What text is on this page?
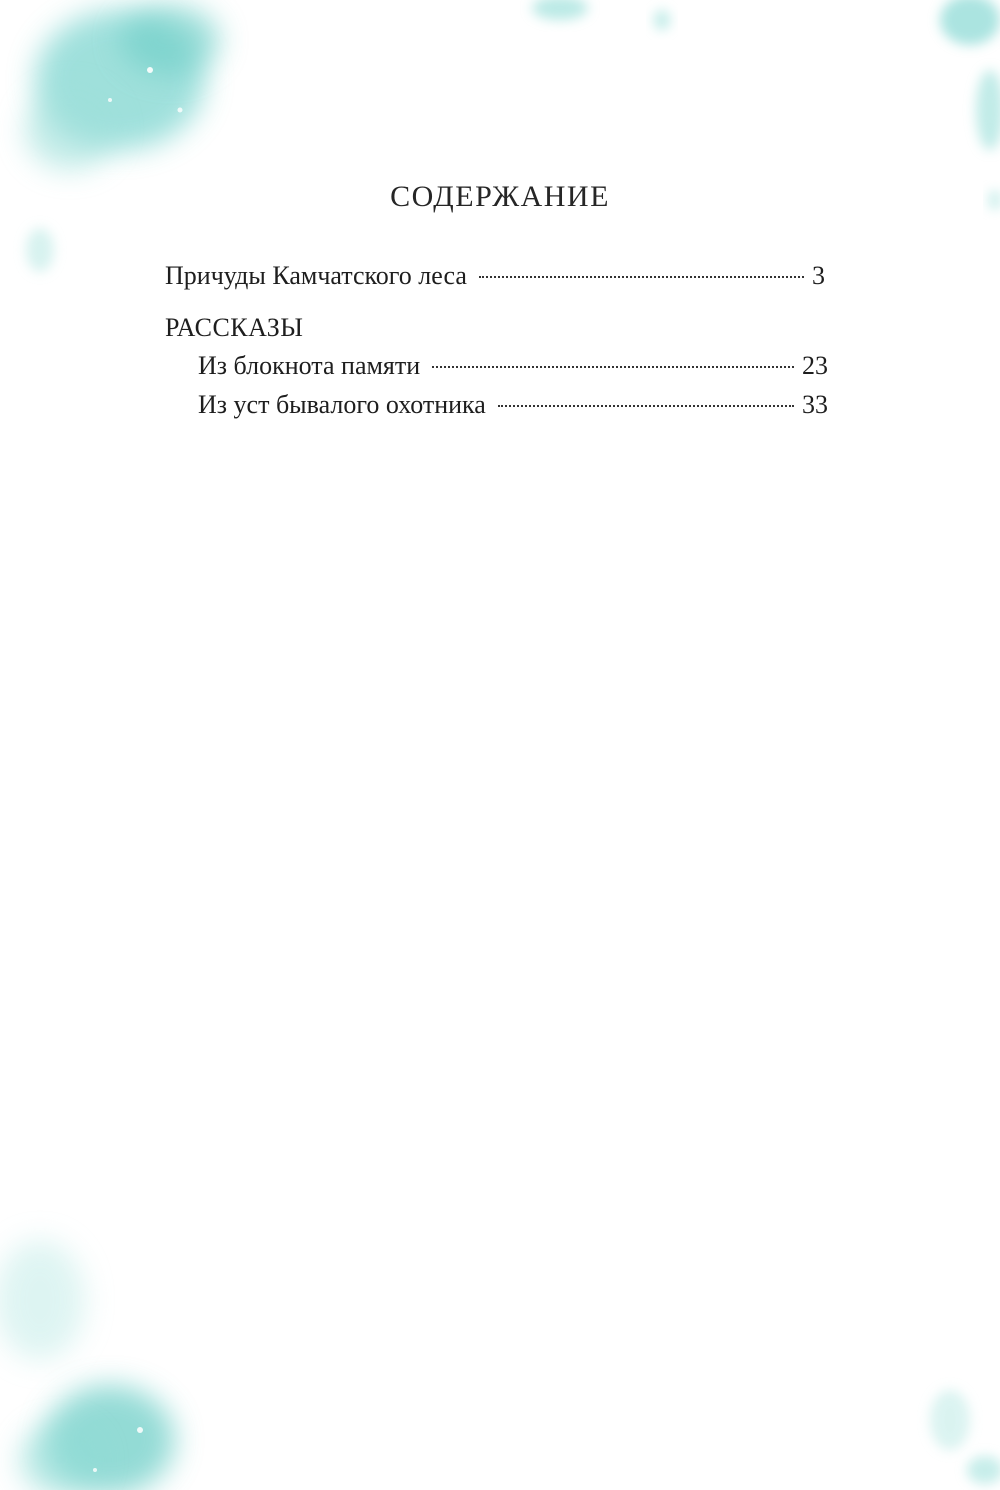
СОДЕРЖАНИЕ
Причуды Камчатского леса	3
РАССКАЗЫ
Из блокнота памяти	23
Из уст бывалого охотника	33
